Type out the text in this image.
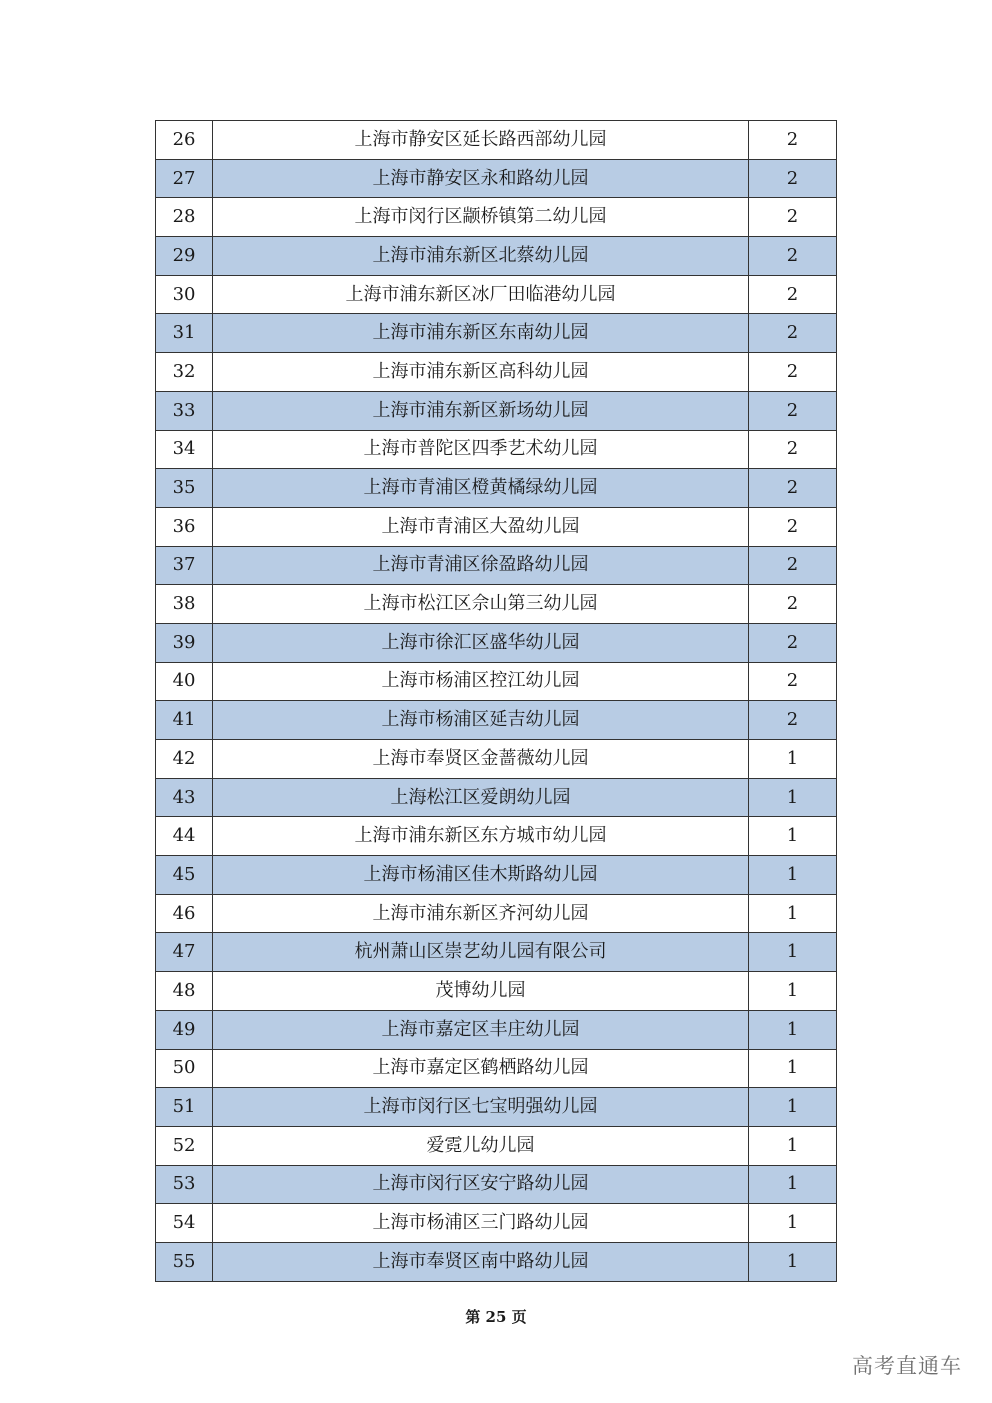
26	上海市静安区延长路西部幼儿园	2
27	上海市静安区永和路幼儿园	2
28	上海市闵行区颛桥镇第二幼儿园	2
29	上海市浦东新区北蔡幼儿园	2
30	上海市浦东新区冰厂田临港幼儿园	2
31	上海市浦东新区东南幼儿园	2
32	上海市浦东新区高科幼儿园	2
33	上海市浦东新区新场幼儿园	2
34	上海市普陀区四季艺术幼儿园	2
35	上海市青浦区橙黄橘绿幼儿园	2
36	上海市青浦区大盈幼儿园	2
37	上海市青浦区徐盈路幼儿园	2
38	上海市松江区佘山第三幼儿园	2
39	上海市徐汇区盛华幼儿园	2
40	上海市杨浦区控江幼儿园	2
41	上海市杨浦区延吉幼儿园	2
42	上海市奉贤区金蔷薇幼儿园	1
43	上海松江区爱朗幼儿园	1
44	上海市浦东新区东方城市幼儿园	1
45	上海市杨浦区佳木斯路幼儿园	1
46	上海市浦东新区齐河幼儿园	1
47	杭州萧山区崇艺幼儿园有限公司	1
48	茂博幼儿园	1
49	上海市嘉定区丰庄幼儿园	1
50	上海市嘉定区鹤栖路幼儿园	1
51	上海市闵行区七宝明强幼儿园	1
52	爱霓儿幼儿园	1
53	上海市闵行区安宁路幼儿园	1
54	上海市杨浦区三门路幼儿园	1
55	上海市奉贤区南中路幼儿园	1
第 25 页
高考直通车
